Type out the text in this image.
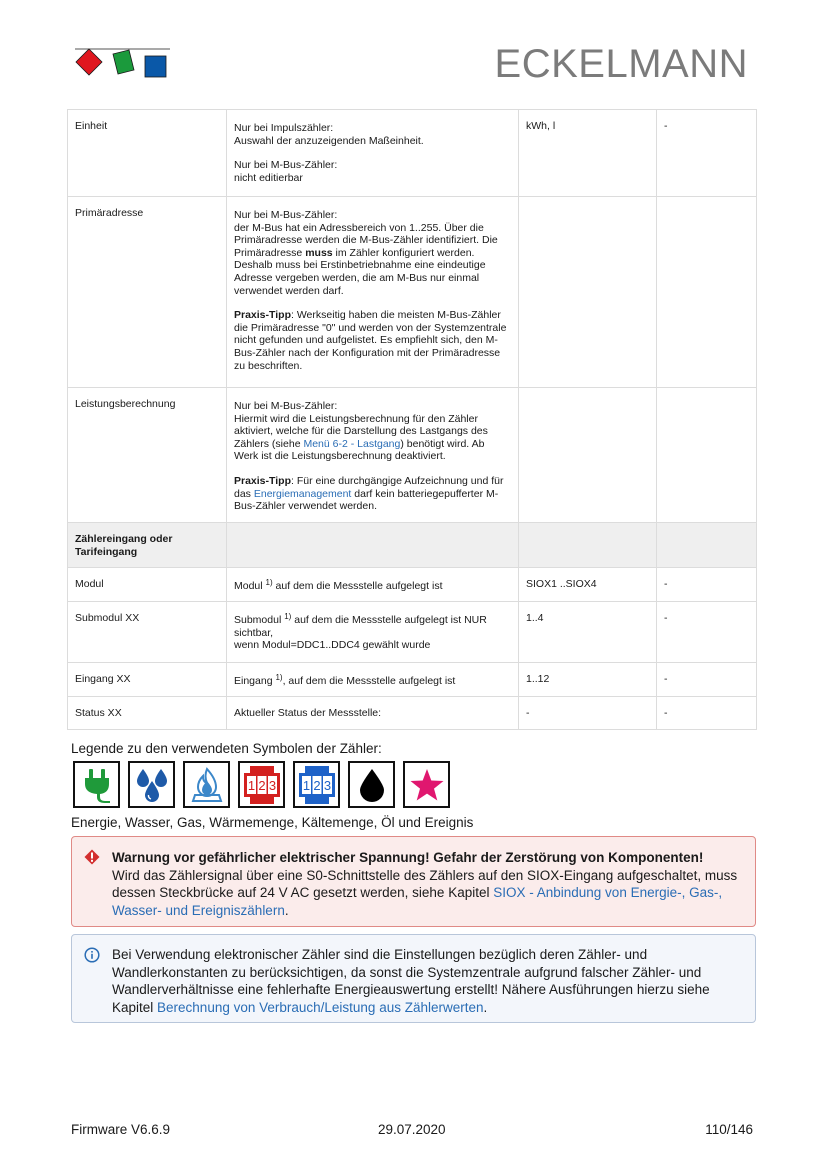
ECKELMANN
Einheit	Nur bei Impulszähler:
Auswahl der anzuzeigenden Maßeinheit.

Nur bei M-Bus-Zähler:
nicht editierbar	kWh, l	-
Primäradresse	Nur bei M-Bus-Zähler:
der M-Bus hat ein Adressbereich von 1..255. Über die Primäradresse werden die M-Bus-Zähler identifiziert. Die Primäradresse muss im Zähler konfiguriert werden. Deshalb muss bei Erstinbetriebnahme eine eindeutige Adresse vergeben werden, die am M-Bus nur einmal verwendet werden darf.

Praxis-Tipp: Werkseitig haben die meisten M-Bus-Zähler die Primäradresse "0" und werden von der Systemzentrale nicht gefunden und aufgelistet. Es empfiehlt sich, den M-Bus-Zähler nach der Konfiguration mit der Primäradresse zu beschriften.		

Leistungsberechnung	Nur bei M-Bus-Zähler:
Hiermit wird die Leistungsberechnung für den Zähler aktiviert, welche für die Darstellung des Lastgangs des Zählers (siehe Menü 6-2 - Lastgang) benötigt wird. Ab Werk ist die Leistungsberechnung deaktiviert.

Praxis-Tipp: Für eine durchgängige Aufzeichnung und für das Energiemanagement darf kein batteriegepufferter M-Bus-Zähler verwendet werden.		

Zählereingang oder Tarifeingang			
Modul	Modul $^{1)}$ auf dem die Messstelle aufgelegt ist	SIOX1 ..SIOX4	-
Submodul XX	Submodul $^{1)}$ auf dem die Messstelle aufgelegt ist NUR sichtbar,
wenn Modul=DDC1..DDC4 gewählt wurde	1..4	-
Eingang XX	Eingang $^{1)}$, auf dem die Messstelle aufgelegt ist	1..12	-
Status XX	Aktueller Status der Messstelle:	-	-
Legende zu den verwendeten Symbolen der Zähler:
1 2 3 1 2 3
Energie, Wasser, Gas, Wärmemenge, Kältemenge, Öl und Ereignis
Warnung vor gefährlicher elektrischer Spannung! Gefahr der Zerstörung von Komponenten!
Wird das Zählersignal über eine S0-Schnittstelle des Zählers auf den SIOX-Eingang aufgeschaltet, muss dessen Steckbrücke auf 24 V AC gesetzt werden, siehe Kapitel SIOX - Anbindung von Energie-, Gas-, Wasser- und Ereigniszählern.
Bei Verwendung elektronischer Zähler sind die Einstellungen bezüglich deren Zähler- und Wandlerkonstanten zu berücksichtigen, da sonst die Systemzentrale aufgrund falscher Zähler- und Wandlerverhältnisse eine fehlerhafte Energieauswertung erstellt! Nähere Ausführungen hierzu siehe Kapitel Berechnung von Verbrauch/Leistung aus Zählerwerten.
Firmware V6.6.9	29.07.2020	110/146
